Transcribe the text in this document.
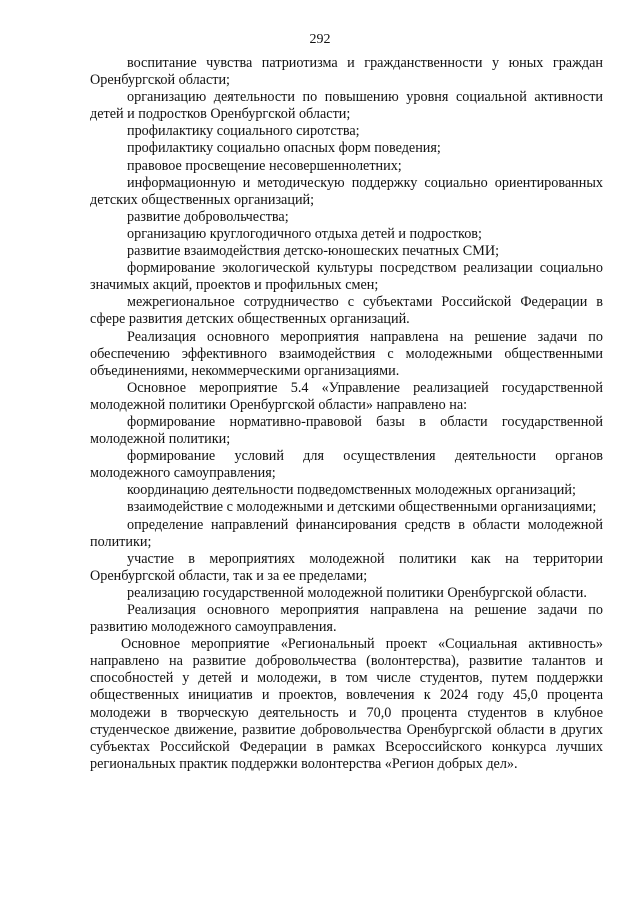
292

воспитание чувства патриотизма и гражданственности у юных граждан Оренбургской области;

организацию деятельности по повышению уровня социальной активности детей и подростков Оренбургской области;

профилактику социального сиротства;

профилактику социально опасных форм поведения;

правовое просвещение несовершеннолетних;

информационную и методическую поддержку социально ориентированных детских общественных организаций;

развитие добровольчества;

организацию круглогодичного отдыха детей и подростков;

развитие взаимодействия детско-юношеских печатных СМИ;

формирование экологической культуры посредством реализации социально значимых акций, проектов и профильных смен;

межрегиональное сотрудничество с субъектами Российской Федерации в сфере развития детских общественных организаций.

Реализация основного мероприятия направлена на решение задачи по обеспечению эффективного взаимодействия с молодежными общественными объединениями, некоммерческими организациями.

Основное мероприятие 5.4 «Управление реализацией государственной молодежной политики Оренбургской области» направлено на:

формирование нормативно-правовой базы в области государственной молодежной политики;

формирование условий для осуществления деятельности органов молодежного самоуправления;

координацию деятельности подведомственных молодежных организаций;

взаимодействие с молодежными и детскими общественными организациями;

определение направлений финансирования средств в области молодежной политики;

участие в мероприятиях молодежной политики как на территории Оренбургской области, так и за ее пределами;

реализацию государственной молодежной политики Оренбургской области.

Реализация основного мероприятия направлена на решение задачи по развитию молодежного самоуправления.

Основное мероприятие «Региональный проект «Социальная активность» направлено на развитие добровольчества (волонтерства), развитие талантов и способностей у детей и молодежи, в том числе студентов, путем поддержки общественных инициатив и проектов, вовлечения к 2024 году 45,0 процента молодежи в творческую деятельность и 70,0 процента студентов в клубное студенческое движение, развитие добровольчества Оренбургской области в других субъектах Российской Федерации в рамках Всероссийского конкурса лучших региональных практик поддержки волонтерства «Регион добрых дел».
